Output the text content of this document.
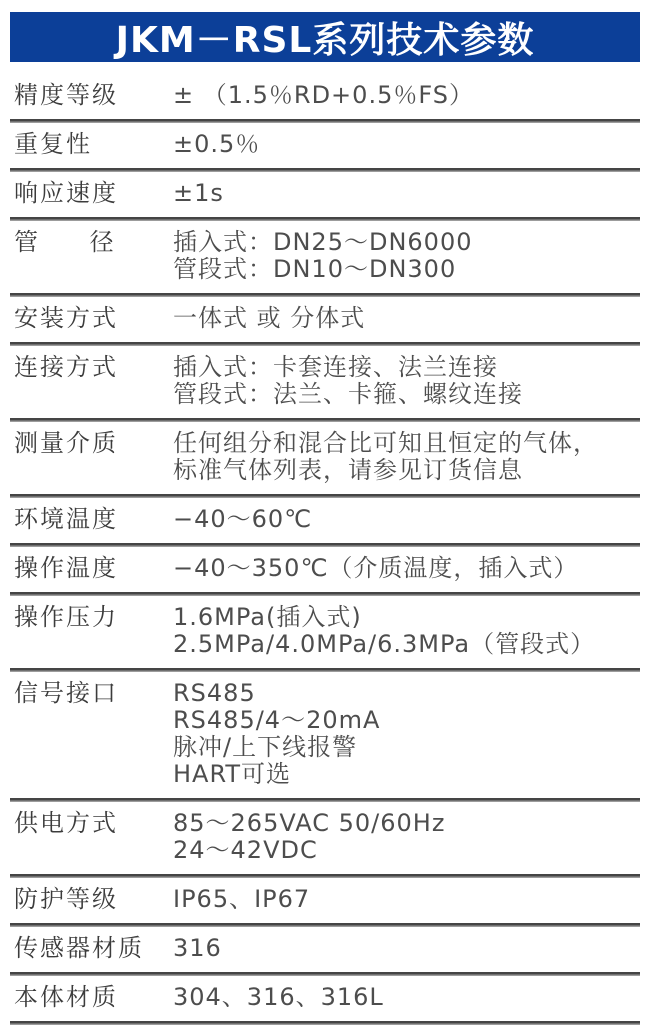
JKM－RSL系列技术参数
精度等级	± （1.5％RD+0.5％FS）
重复性	±0.5％
响应速度	±1s
管 径	插入式：DN25～DN6000
管段式：DN10～DN300
安装方式	一体式 或 分体式
连接方式	插入式：卡套连接、法兰连接
管段式：法兰、卡箍、螺纹连接
测量介质	任何组分和混合比可知且恒定的气体，
标准气体列表，请参见订货信息
环境温度	−40～60℃
操作温度	−40～350℃（介质温度，插入式）
操作压力	1.6MPa(插入式)
2.5MPa/4.0MPa/6.3MPa（管段式）
信号接口	RS485
RS485/4～20mA
脉冲/上下线报警
HART可选
供电方式	85～265VAC 50/60Hz
24～42VDC
防护等级	IP65、IP67
传感器材质	316
本体材质	304、316、316L
